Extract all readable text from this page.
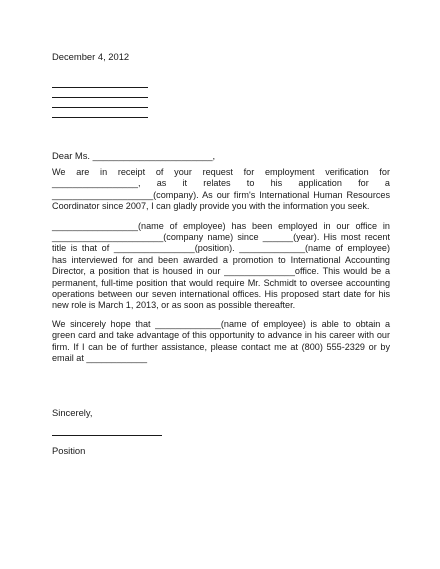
December 4, 2012
Dear Ms. _______________________,

We are in receipt of your request for employment verification for _________________, as it relates to his application for a ____________________(company). As our firm's International Human Resources Coordinator since 2007, I can gladly provide you with the information you seek.

_________________(name of employee) has been employed in our office in ______________________(company name) since ______(year). His most recent title is that of ________________(position). _____________(name of employee) has interviewed for and been awarded a promotion to International Accounting Director, a position that is housed in our ______________office. This would be a permanent, full-time position that would require Mr. Schmidt to oversee accounting operations between our seven international offices. His proposed start date for his new role is March 1, 2013, or as soon as possible thereafter.

We sincerely hope that _____________(name of employee) is able to obtain a green card and take advantage of this opportunity to advance in his career with our firm. If I can be of further assistance, please contact me at (800) 555-2329 or by email at ____________

Sincerely,
Position
